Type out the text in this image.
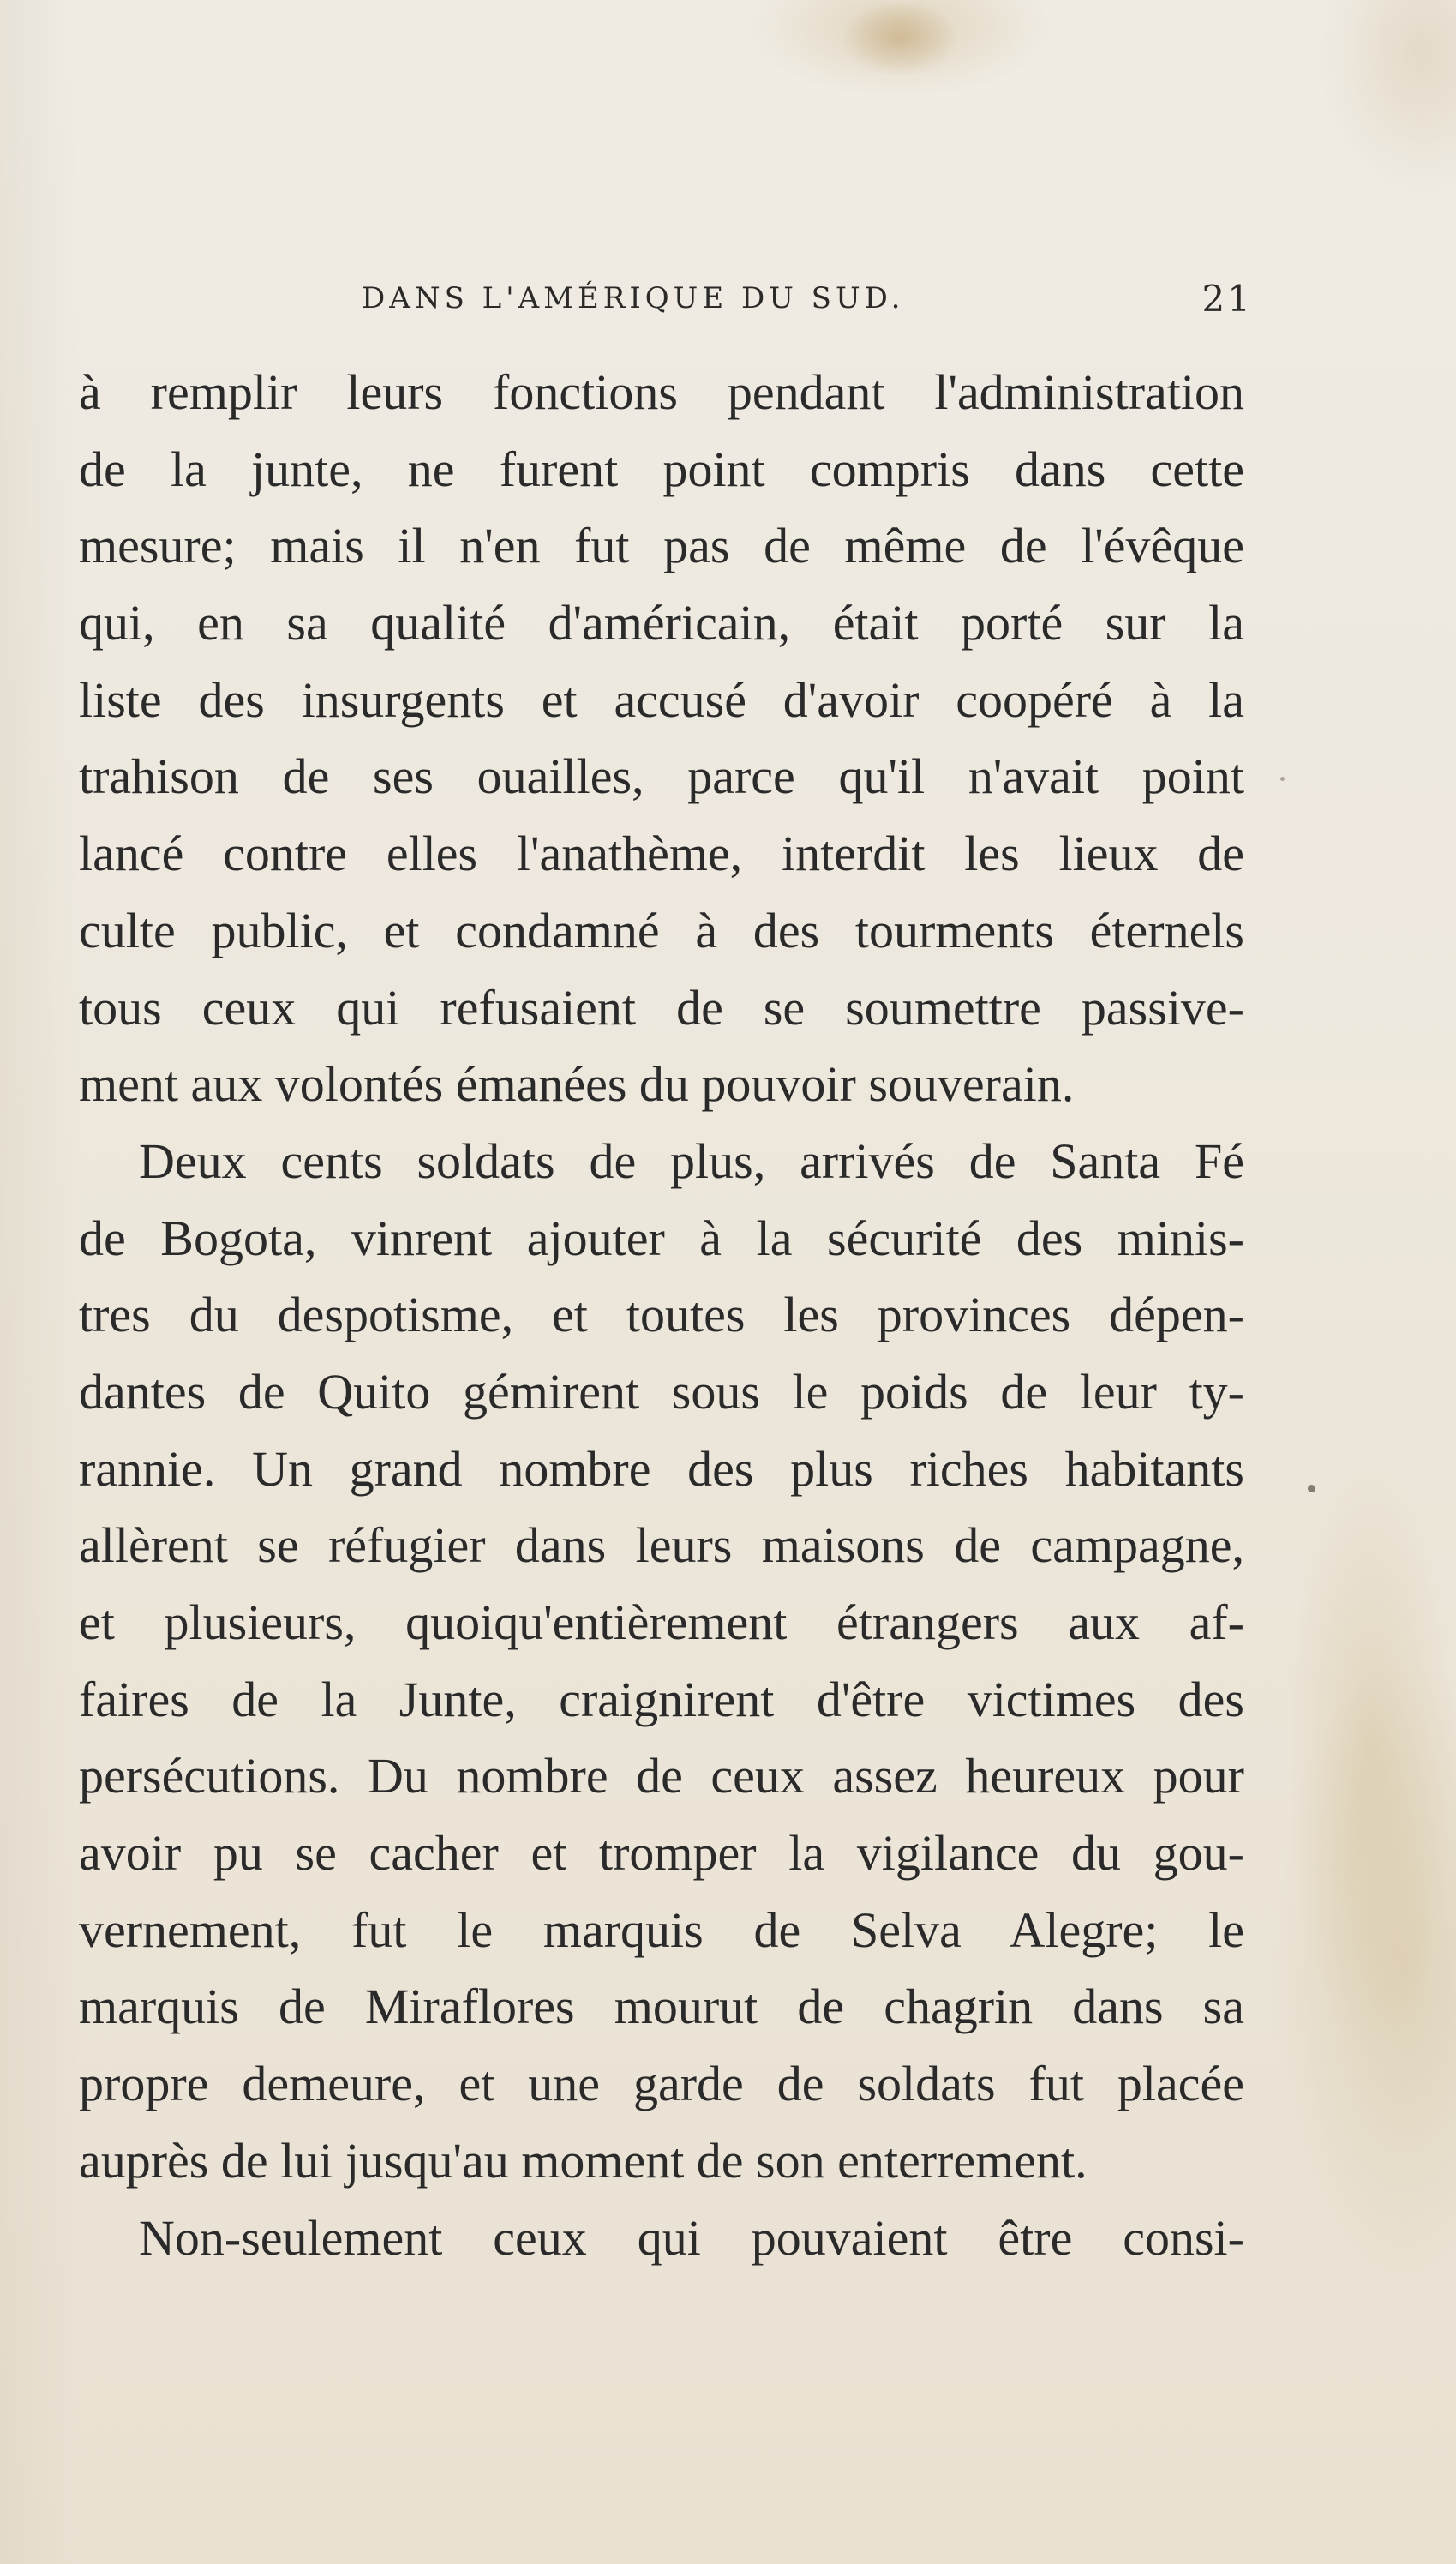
DANS L'AMÉRIQUE DU SUD.	21
à remplir leurs fonctions pendant l'administration
de la junte, ne furent point compris dans cette
mesure; mais il n'en fut pas de même de l'évêque
qui, en sa qualité d'américain, était porté sur la
liste des insurgents et accusé d'avoir coopéré à la
trahison de ses ouailles, parce qu'il n'avait point
lancé contre elles l'anathème, interdit les lieux de
culte public, et condamné à des tourments éternels
tous ceux qui refusaient de se soumettre passive-
ment aux volontés émanées du pouvoir souverain.
Deux cents soldats de plus, arrivés de Santa Fé
de Bogota, vinrent ajouter à la sécurité des minis-
tres du despotisme, et toutes les provinces dépen-
dantes de Quito gémirent sous le poids de leur ty-
rannie. Un grand nombre des plus riches habitants
allèrent se réfugier dans leurs maisons de campagne,
et plusieurs, quoiqu'entièrement étrangers aux af-
faires de la Junte, craignirent d'être victimes des
persécutions. Du nombre de ceux assez heureux pour
avoir pu se cacher et tromper la vigilance du gou-
vernement, fut le marquis de Selva Alegre; le
marquis de Miraflores mourut de chagrin dans sa
propre demeure, et une garde de soldats fut placée
auprès de lui jusqu'au moment de son enterrement.
Non-seulement ceux qui pouvaient être consi-
